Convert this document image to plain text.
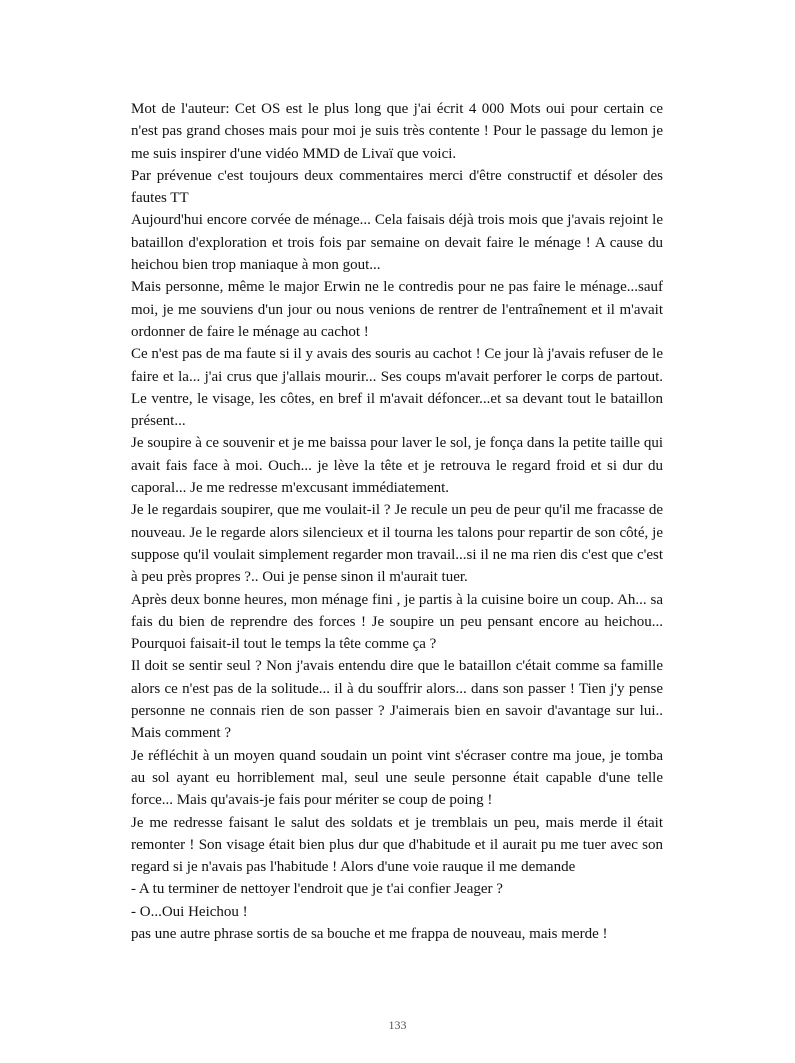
Mot de l'auteur: Cet OS est le plus long que j'ai écrit 4 000 Mots oui pour certain ce n'est pas grand choses mais pour moi je suis très contente ! Pour le passage du lemon je me suis inspirer d'une vidéo MMD de Livaï que voici.

Par prévenue c'est toujours deux commentaires merci d'être constructif et désoler des fautes TT

Aujourd'hui encore corvée de ménage... Cela faisais déjà trois mois que j'avais rejoint le bataillon d'exploration et trois fois par semaine on devait faire le ménage ! A cause du heichou bien trop maniaque à mon gout...

Mais personne, même le major Erwin ne le contredis pour ne pas faire le ménage...sauf moi, je me souviens d'un jour ou nous venions de rentrer de l'entraînement et il m'avait ordonner de faire le ménage au cachot !

Ce n'est pas de ma faute si il y avais des souris au cachot ! Ce jour là j'avais refuser de le faire et la... j'ai crus que j'allais mourir... Ses coups m'avait perforer le corps de partout. Le ventre, le visage, les côtes, en bref il m'avait défoncer...et sa devant tout le bataillon présent...

Je soupire à ce souvenir et je me baissa pour laver le sol, je fonça dans la petite taille qui avait fais face à moi. Ouch... je lève la tête et je retrouva le regard froid et si dur du caporal... Je me redresse m'excusant immédiatement.

Je le regardais soupirer, que me voulait-il ? Je recule un peu de peur qu'il me fracasse de nouveau. Je le regarde alors silencieux et il tourna les talons pour repartir de son côté, je suppose qu'il voulait simplement regarder mon travail...si il ne ma rien dis c'est que c'est à peu près propres ?.. Oui je pense sinon il m'aurait tuer.

Après deux bonne heures, mon ménage fini , je partis à la cuisine boire un coup. Ah... sa fais du bien de reprendre des forces ! Je soupire un peu pensant encore au heichou... Pourquoi faisait-il tout le temps la tête comme ça ?

Il doit se sentir seul ? Non j'avais entendu dire que le bataillon c'était comme sa famille alors ce n'est pas de la solitude... il à du souffrir alors... dans son passer ! Tien j'y pense personne ne connais rien de son passer ? J'aimerais bien en savoir d'avantage sur lui.. Mais comment ?

Je réfléchit à un moyen quand soudain un point vint s'écraser contre ma joue, je tomba au sol ayant eu horriblement mal, seul une seule personne était capable d'une telle force... Mais qu'avais-je fais pour mériter se coup de poing !

Je me redresse faisant le salut des soldats et je tremblais un peu, mais merde il était remonter ! Son visage était bien plus dur que d'habitude et il aurait pu me tuer avec son regard si je n'avais pas l'habitude ! Alors d'une voie rauque il me demande

- A tu terminer de nettoyer l'endroit que je t'ai confier Jeager ?

- O...Oui Heichou !

pas une autre phrase sortis de sa bouche et me frappa de nouveau, mais merde !

133
